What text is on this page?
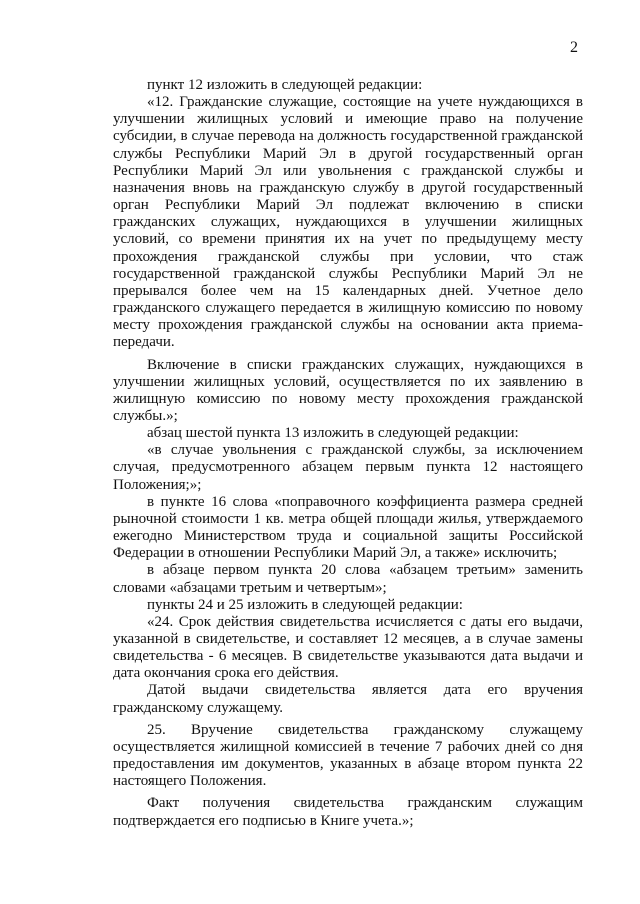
2

пункт 12 изложить в следующей редакции:

«12. Гражданские служащие, состоящие на учете нуждающихся в улучшении жилищных условий и имеющие право на получение субсидии, в случае перевода на должность государственной гражданской службы Республики Марий Эл в другой государственный орган Республики Марий Эл или увольнения с гражданской службы и назначения вновь на гражданскую службу в другой государственный орган Республики Марий Эл подлежат включению в списки гражданских служащих, нуждающихся в улучшении жилищных условий, со времени принятия их на учет по предыдущему месту прохождения гражданской службы при условии, что стаж государственной гражданской службы Республики Марий Эл не прерывался более чем на 15 календарных дней. Учетное дело гражданского служащего передается в жилищную комиссию по новому месту прохождения гражданской службы на основании акта приема-передачи.

Включение в списки гражданских служащих, нуждающихся в улучшении жилищных условий, осуществляется по их заявлению в жилищную комиссию по новому месту прохождения гражданской службы.»;

абзац шестой пункта 13 изложить в следующей редакции:

«в случае увольнения с гражданской службы, за исключением случая, предусмотренного абзацем первым пункта 12 настоящего Положения;»;

в пункте 16 слова «поправочного коэффициента размера средней рыночной стоимости 1 кв. метра общей площади жилья, утверждаемого ежегодно Министерством труда и социальной защиты Российской Федерации в отношении Республики Марий Эл, а также» исключить;

в абзаце первом пункта 20 слова «абзацем третьим» заменить словами «абзацами третьим и четвертым»;

пункты 24 и 25 изложить в следующей редакции:

«24. Срок действия свидетельства исчисляется с даты его выдачи, указанной в свидетельстве, и составляет 12 месяцев, а в случае замены свидетельства - 6 месяцев. В свидетельстве указываются дата выдачи и дата окончания срока его действия.

Датой выдачи свидетельства является дата его вручения гражданскому служащему.

25. Вручение свидетельства гражданскому служащему осуществляется жилищной комиссией в течение 7 рабочих дней со дня предоставления им документов, указанных в абзаце втором пункта 22 настоящего Положения.

Факт получения свидетельства гражданским служащим подтверждается его подписью в Книге учета.»;
